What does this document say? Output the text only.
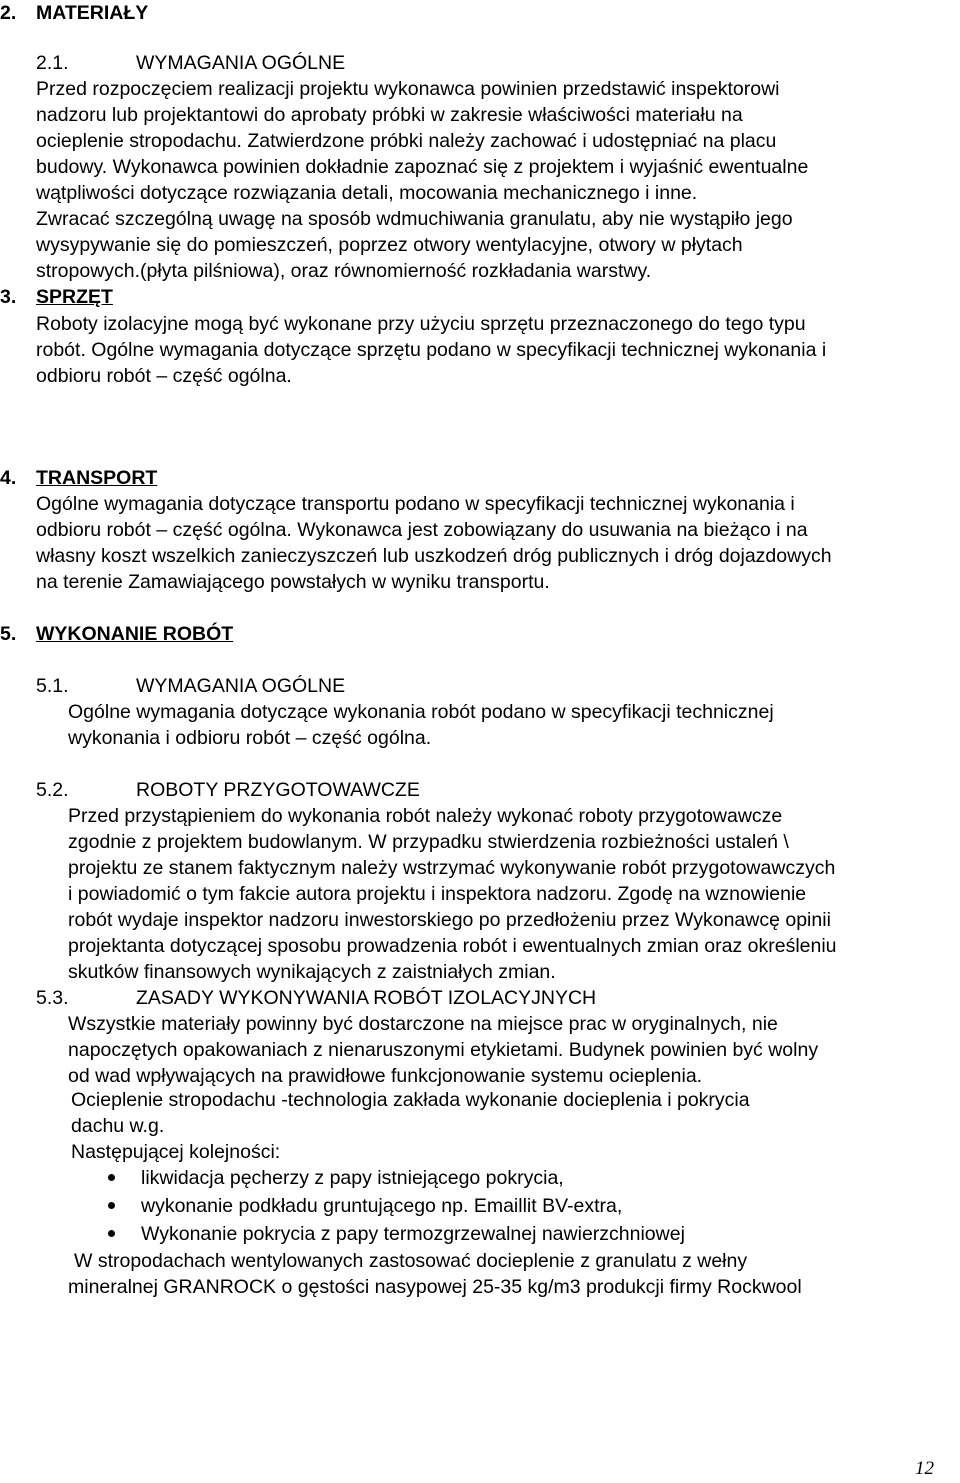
2. MATERIAŁY
2.1.	WYMAGANIA OGÓLNE
Przed rozpoczęciem realizacji projektu wykonawca powinien przedstawić inspektorowi
nadzoru lub projektantowi do aprobaty próbki w zakresie właściwości materiału na
ocieplenie stropodachu. Zatwierdzone próbki należy zachować i udostępniać na placu
budowy. Wykonawca powinien dokładnie zapoznać się z projektem i wyjaśnić ewentualne
wątpliwości dotyczące rozwiązania detali, mocowania mechanicznego i inne.
Zwracać szczególną uwagę na sposób wdmuchiwania granulatu, aby nie wystąpiło jego
wysypywanie się do pomieszczeń, poprzez otwory wentylacyjne, otwory w płytach
stropowych.(płyta pilśniowa), oraz równomierność rozkładania warstwy.
3. SPRZĘT
Roboty izolacyjne mogą być wykonane przy użyciu sprzętu przeznaczonego do tego typu
robót. Ogólne wymagania dotyczące sprzętu podano w specyfikacji technicznej wykonania i
odbioru robót – część ogólna.
4. TRANSPORT
Ogólne wymagania dotyczące transportu podano w specyfikacji technicznej wykonania i
odbioru robót – część ogólna. Wykonawca jest zobowiązany do usuwania na bieżąco i na
własny koszt wszelkich zanieczyszczeń lub uszkodzeń dróg publicznych i dróg dojazdowych
na terenie Zamawiającego powstałych w wyniku transportu.
5. WYKONANIE ROBÓT
5.1.	WYMAGANIA OGÓLNE
Ogólne wymagania dotyczące wykonania robót podano w specyfikacji technicznej
wykonania i odbioru robót – część ogólna.
5.2.	ROBOTY PRZYGOTOWAWCZE
Przed przystąpieniem do wykonania robót należy wykonać roboty przygotowawcze
zgodnie z projektem budowlanym. W przypadku stwierdzenia rozbieżności ustaleń \
projektu ze stanem faktycznym należy wstrzymać wykonywanie robót przygotowawczych
i powiadomić o tym fakcie autora projektu i inspektora nadzoru. Zgodę na wznowienie
robót wydaje inspektor nadzoru inwestorskiego po przedłożeniu przez Wykonawcę opinii
projektanta dotyczącej sposobu prowadzenia robót i ewentualnych zmian oraz określeniu
skutków finansowych wynikających z zaistniałych zmian.
5.3.	ZASADY WYKONYWANIA ROBÓT IZOLACYJNYCH
Wszystkie materiały powinny być dostarczone na miejsce prac w oryginalnych, nie
napoczętych opakowaniach z nienaruszonymi etykietami. Budynek powinien być wolny
od wad wpływających na prawidłowe funkcjonowanie systemu ocieplenia.
Ocieplenie stropodachu -technologia zakłada wykonanie docieplenia i pokrycia
dachu w.g.
Następującej kolejności:
likwidacja pęcherzy z papy istniejącego pokrycia,
wykonanie podkładu gruntującego np. Emaillit BV-extra,
Wykonanie pokrycia z papy termozgrzewalnej nawierzchniowej
W stropodachach wentylowanych zastosować docieplenie z granulatu z wełny
mineralnej GRANROCK o gęstości nasypowej 25-35 kg/m3 produkcji firmy Rockwool
12
